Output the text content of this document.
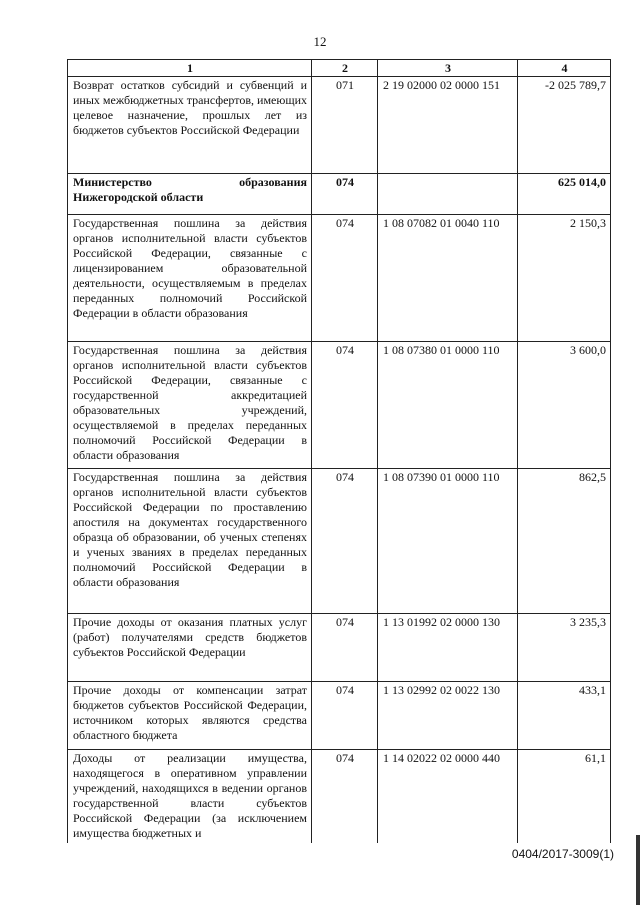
12
1	2	3	4
Возврат остатков субсидий и субвенций и иных межбюджетных трансфертов, имеющих целевое назначение, прошлых лет из бюджетов субъектов Российской Федерации	071	2 19 02000 02 0000 151	-2 025 789,7
Министерство образования Нижегородской области	074		625 014,0
Государственная пошлина за действия органов исполнительной власти субъектов Российской Федерации, связанные с лицензированием образовательной деятельности, осуществляемым в пределах переданных полномочий Российской Федерации в области образования	074	1 08 07082 01 0040 110	2 150,3
Государственная пошлина за действия органов исполнительной власти субъектов Российской Федерации, связанные с государственной аккредитацией образовательных учреждений, осуществляемой в пределах переданных полномочий Российской Федерации в области образования	074	1 08 07380 01 0000 110	3 600,0
Государственная пошлина за действия органов исполнительной власти субъектов Российской Федерации по проставлению апостиля на документах государственного образца об образовании, об ученых степенях и ученых званиях в пределах переданных полномочий Российской Федерации в области образования	074	1 08 07390 01 0000 110	862,5
Прочие доходы от оказания платных услуг (работ) получателями средств бюджетов субъектов Российской Федерации	074	1 13 01992 02 0000 130	3 235,3
Прочие доходы от компенсации затрат бюджетов субъектов Российской Федерации, источником которых являются средства областного бюджета	074	1 13 02992 02 0022 130	433,1
Доходы от реализации имущества, находящегося в оперативном управлении учреждений, находящихся в ведении органов государственной власти субъектов Российской Федерации (за исключением имущества бюджетных и	074	1 14 02022 02 0000 440	61,1
0404/2017-3009(1)
